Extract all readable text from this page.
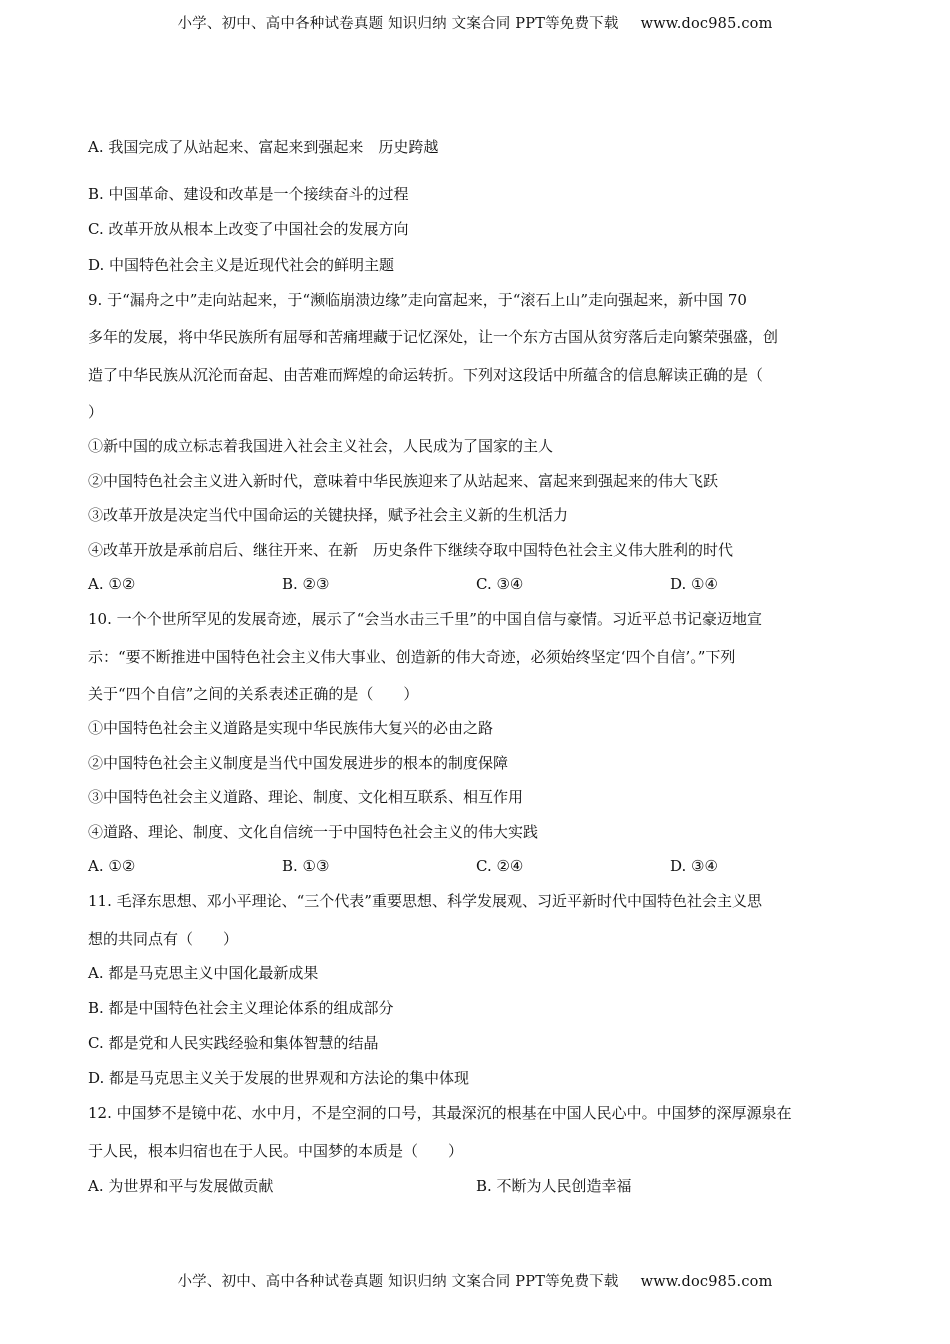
小学、初中、高中各种试卷真题 知识归纳 文案合同 PPT等免费下载 www.doc985.com
A. 我国完成了从站起来、富起来到强起来　历史跨越
B. 中国革命、建设和改革是一个接续奋斗的过程
C. 改革开放从根本上改变了中国社会的发展方向
D. 中国特色社会主义是近现代社会的鲜明主题
9. 于“漏舟之中”走向站起来，于“濒临崩溃边缘”走向富起来，于“滚石上山”走向强起来，新中国 70
多年的发展，将中华民族所有屈辱和苦痛埋藏于记忆深处，让一个东方古国从贫穷落后走向繁荣强盛，创
造了中华民族从沉沦而奋起、由苦难而辉煌的命运转折。下列对这段话中所蕴含的信息解读正确的是（
）
①新中国的成立标志着我国进入社会主义社会，人民成为了国家的主人
②中国特色社会主义进入新时代，意味着中华民族迎来了从站起来、富起来到强起来的伟大飞跃
③改革开放是决定当代中国命运的关键抉择，赋予社会主义新的生机活力
④改革开放是承前启后、继往开来、在新　历史条件下继续夺取中国特色社会主义伟大胜利的时代
A. ①②	B. ②③	C. ③④	D. ①④
10. 一个个世所罕见的发展奇迹，展示了“会当水击三千里”的中国自信与豪情。习近平总书记豪迈地宣
示：“要不断推进中国特色社会主义伟大事业、创造新的伟大奇迹，必须始终坚定‘四个自信’。”下列
关于“四个自信”之间的关系表述正确的是（　　）
①中国特色社会主义道路是实现中华民族伟大复兴的必由之路
②中国特色社会主义制度是当代中国发展进步的根本的制度保障
③中国特色社会主义道路、理论、制度、文化相互联系、相互作用
④道路、理论、制度、文化自信统一于中国特色社会主义的伟大实践
A. ①②	B. ①③	C. ②④	D. ③④
11. 毛泽东思想、邓小平理论、“三个代表”重要思想、科学发展观、习近平新时代中国特色社会主义思
想的共同点有（　　）
A. 都是马克思主义中国化最新成果
B. 都是中国特色社会主义理论体系的组成部分
C. 都是党和人民实践经验和集体智慧的结晶
D. 都是马克思主义关于发展的世界观和方法论的集中体现
12. 中国梦不是镜中花、水中月，不是空洞的口号，其最深沉的根基在中国人民心中。中国梦的深厚源泉在
于人民，根本归宿也在于人民。中国梦的本质是（　　）
A. 为世界和平与发展做贡献	B. 不断为人民创造幸福
小学、初中、高中各种试卷真题 知识归纳 文案合同 PPT等免费下载 www.doc985.com
